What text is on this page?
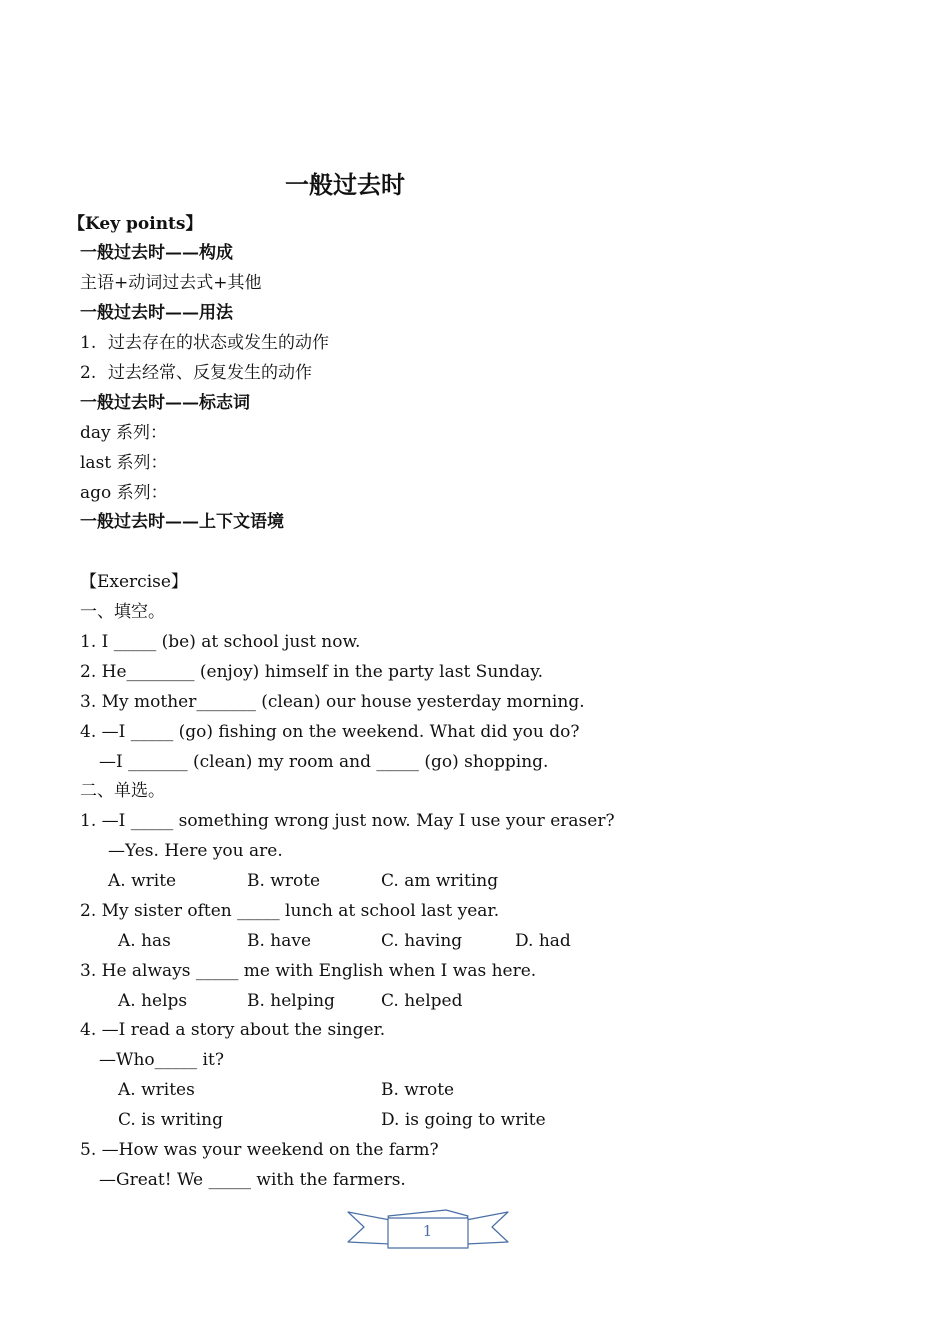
一般过去时
【Key points】
一般过去时——构成
主语+动词过去式+其他
一般过去时——用法
1. 过去存在的状态或发生的动作
2. 过去经常、反复发生的动作
一般过去时——标志词
day 系列：
last 系列：
ago 系列：
一般过去时——上下文语境
【Exercise】
一、填空。
1. I _____ (be) at school just now.
2. He________ (enjoy) himself in the party last Sunday.
3. My mother_______ (clean) our house yesterday morning.
4. —I _____ (go) fishing on the weekend. What did you do?
—I _______ (clean) my room and _____ (go) shopping.
二、单选。
1. —I _____ something wrong just now. May I use your eraser?
—Yes. Here you are.
A. write	B. wrote	C. am writing
2. My sister often _____ lunch at school last year.
A. has	B. have	C. having	D. had
3. He always _____ me with English when I was here.
A. helps	B. helping	C. helped
4. —I read a story about the singer.
—Who_____ it?
A. writes	B. wrote
C. is writing	D. is going to write
5. —How was your weekend on the farm?
—Great! We _____ with the farmers.
1
